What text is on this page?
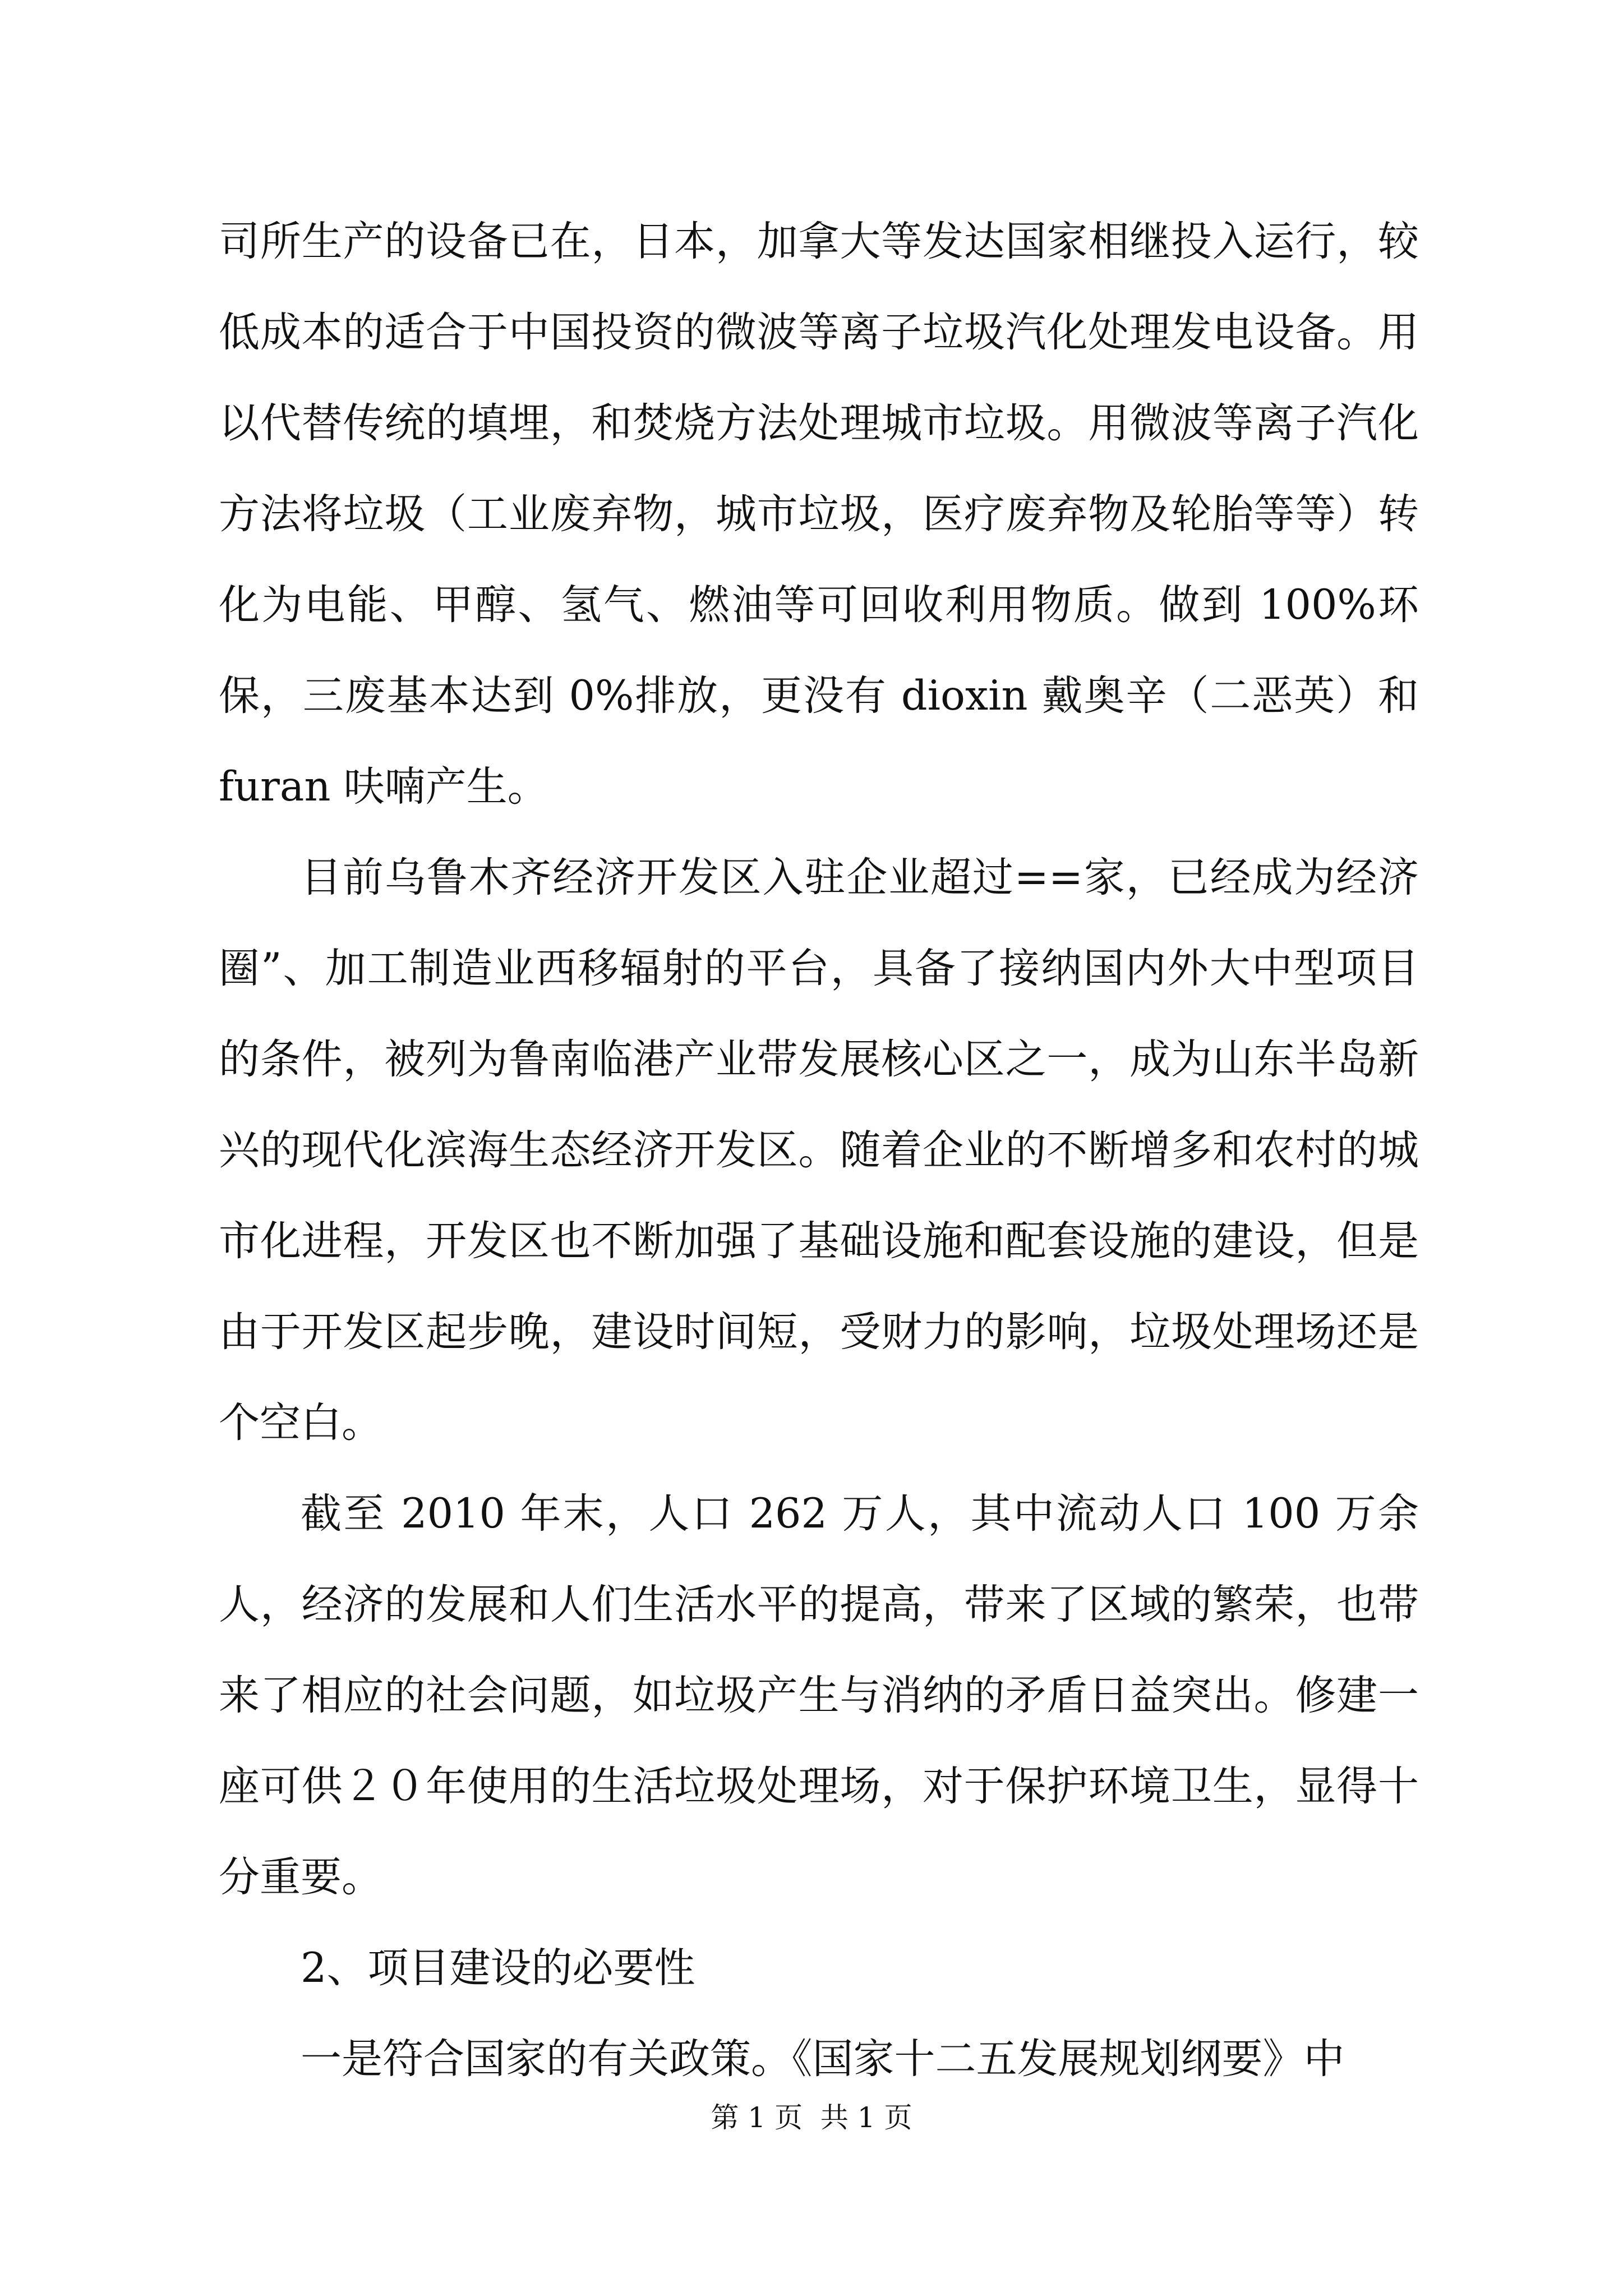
司所生产的设备已在，日本，加拿大等发达国家相继投入运行，较低成本的适合于中国投资的微波等离子垃圾汽化处理发电设备。用以代替传统的填埋，和焚烧方法处理城市垃圾。用微波等离子汽化方法将垃圾（工业废弃物，城市垃圾，医疗废弃物及轮胎等等）转化为电能、甲醇、氢气、燃油等可回收利用物质。做到 100%环保，三废基本达到 0%排放，更没有 dioxin 戴奥辛（二恶英）和 furan 呋喃产生。

目前乌鲁木齐经济开发区入驻企业超过==家，已经成为经济圈”、加工制造业西移辐射的平台，具备了接纳国内外大中型项目的条件，被列为鲁南临港产业带发展核心区之一，成为山东半岛新兴的现代化滨海生态经济开发区。随着企业的不断增多和农村的城市化进程，开发区也不断加强了基础设施和配套设施的建设，但是由于开发区起步晚，建设时间短，受财力的影响，垃圾处理场还是个空白。

截至 2010 年末，人口 262 万人，其中流动人口 100 万余人，经济的发展和人们生活水平的提高，带来了区域的繁荣，也带来了相应的社会问题，如垃圾产生与消纳的矛盾日益突出。修建一座可供２０年使用的生活垃圾处理场，对于保护环境卫生，显得十分重要。

2、项目建设的必要性

一是符合国家的有关政策。《国家十二五发展规划纲要》中

第 1 页  共 1 页
